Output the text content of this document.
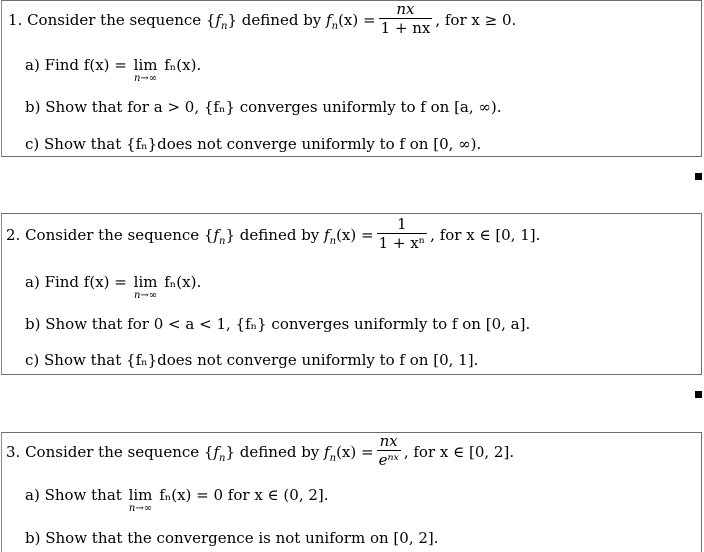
1. Consider the sequence $\{f_n\}$ defined by $f_n(x) = \frac{nx}{1 + nx}$ , for x ≥ 0.
a) Find f(x) = lim
n→∞
fₙ(x).
b) Show that for a > 0, {fₙ} converges uniformly to f on [a, ∞).
c) Show that {fₙ}does not converge uniformly to f on [0, ∞).
2. Consider the sequence $\{f_n\}$ defined by $f_n(x) = \frac{1}{\text{1 + xⁿ}}$ , for x ∈ [0, 1].
a) Find f(x) = lim
n→∞
fₙ(x).
b) Show that for 0 < a < 1, {fₙ} converges uniformly to f on [0, a].
c) Show that {fₙ}does not converge uniformly to f on [0, 1].
3. Consider the sequence $\{f_n\}$ defined by $f_n(x) = \frac{nx}{\text{eⁿˣ}}$ , for x ∈ [0, 2].
a) Show that lim
n→∞
fₙ(x) = 0 for x ∈ (0, 2].
b) Show that the convergence is not uniform on [0, 2].
